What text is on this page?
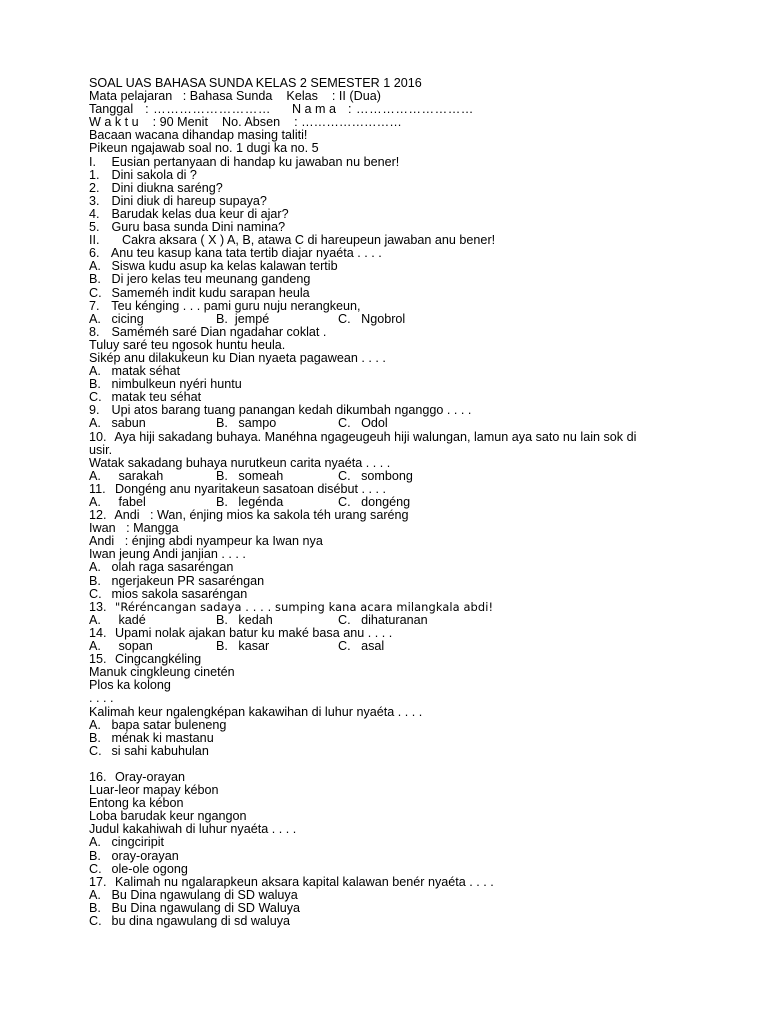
SOAL UAS BAHASA SUNDA KELAS 2 SEMESTER 1 2016
Mata pelajaran   : Bahasa Sunda    Kelas    : II (Dua)
Tanggal   : ………………………      N a m a   : ………………………
W a k t u    : 90 Menit    No. Absen    : ……………………
Bacaan wacana dihandap masing taliti!
Pikeun ngajawab soal no. 1 dugi ka no. 5
I. Eusian pertanyaan di handap ku jawaban nu bener!
1. Dini sakola di ?
2. Dini diukna saréng?
3. Dini diuk di hareup supaya?
4. Barudak kelas dua keur di ajar?
5. Guru basa sunda Dini namina?
II. Cakra aksara ( X ) A, B, atawa C di hareupeun jawaban anu bener!
6. Anu teu kasup kana tata tertib diajar nyaéta . . . .
A. Siswa kudu asup ka kelas kalawan tertib
B. Di jero kelas teu meunang gandeng
C. Sameméh indit kudu sarapan heula
7. Teu kénging . . . pami guru nuju nerangkeun,
A. cicing	B. jempé	C. Ngobrol
8. Saméméh saré Dian ngadahar coklat .
Tuluy saré teu ngosok huntu heula.
Sikép anu dilakukeun ku Dian nyaeta pagawean . . . .
A. matak séhat
B. nimbulkeun nyéri huntu
C. matak teu séhat
9. Upi atos barang tuang panangan kedah dikumbah nganggo . . . .
A. sabun	B. sampo	C. Odol
10. Aya hiji sakadang buhaya. Manéhna ngageugeuh hiji walungan, lamun aya sato nu lain sok di
usir.
Watak sakadang buhaya nurutkeun carita nyaéta . . . .
A. sarakah	B. someah	C. sombong
11. Dongéng anu nyaritakeun sasatoan disébut . . . .
A. fabel	B. legénda	C. dongéng
12. Andi   : Wan, énjing mios ka sakola téh urang saréng
Iwan   : Mangga
Andi   : énjing abdi nyampeur ka Iwan nya
Iwan jeung Andi janjian . . . .
A. olah raga sasaréngan
B. ngerjakeun PR sasaréngan
C. mios sakola sasaréngan
13. "Réréncangan sadaya . . . . sumping kana acara milangkala abdi!
A. kadé	B. kedah	C. dihaturanan
14. Upami nolak ajakan batur ku maké basa anu . . . .
A. sopan	B. kasar	C. asal
15. Cingcangkéling
Manuk cingkleung cinetén
Plos ka kolong
. . . .
Kalimah keur ngalengképan kakawihan di luhur nyaéta . . . .
A. bapa satar buleneng
B. ménak ki mastanu
C. si sahi kabuhulan
16. Oray-orayan
Luar-leor mapay kébon
Entong ka kébon
Loba barudak keur ngangon
Judul kakahiwah di luhur nyaéta . . . .
A. cingciripit
B. oray-orayan
C. ole-ole ogong
17. Kalimah nu ngalarapkeun aksara kapital kalawan benér nyaéta . . . .
A. Bu Dina ngawulang di SD waluya
B. Bu Dina ngawulang di SD Waluya
C. bu dina ngawulang di sd waluya
